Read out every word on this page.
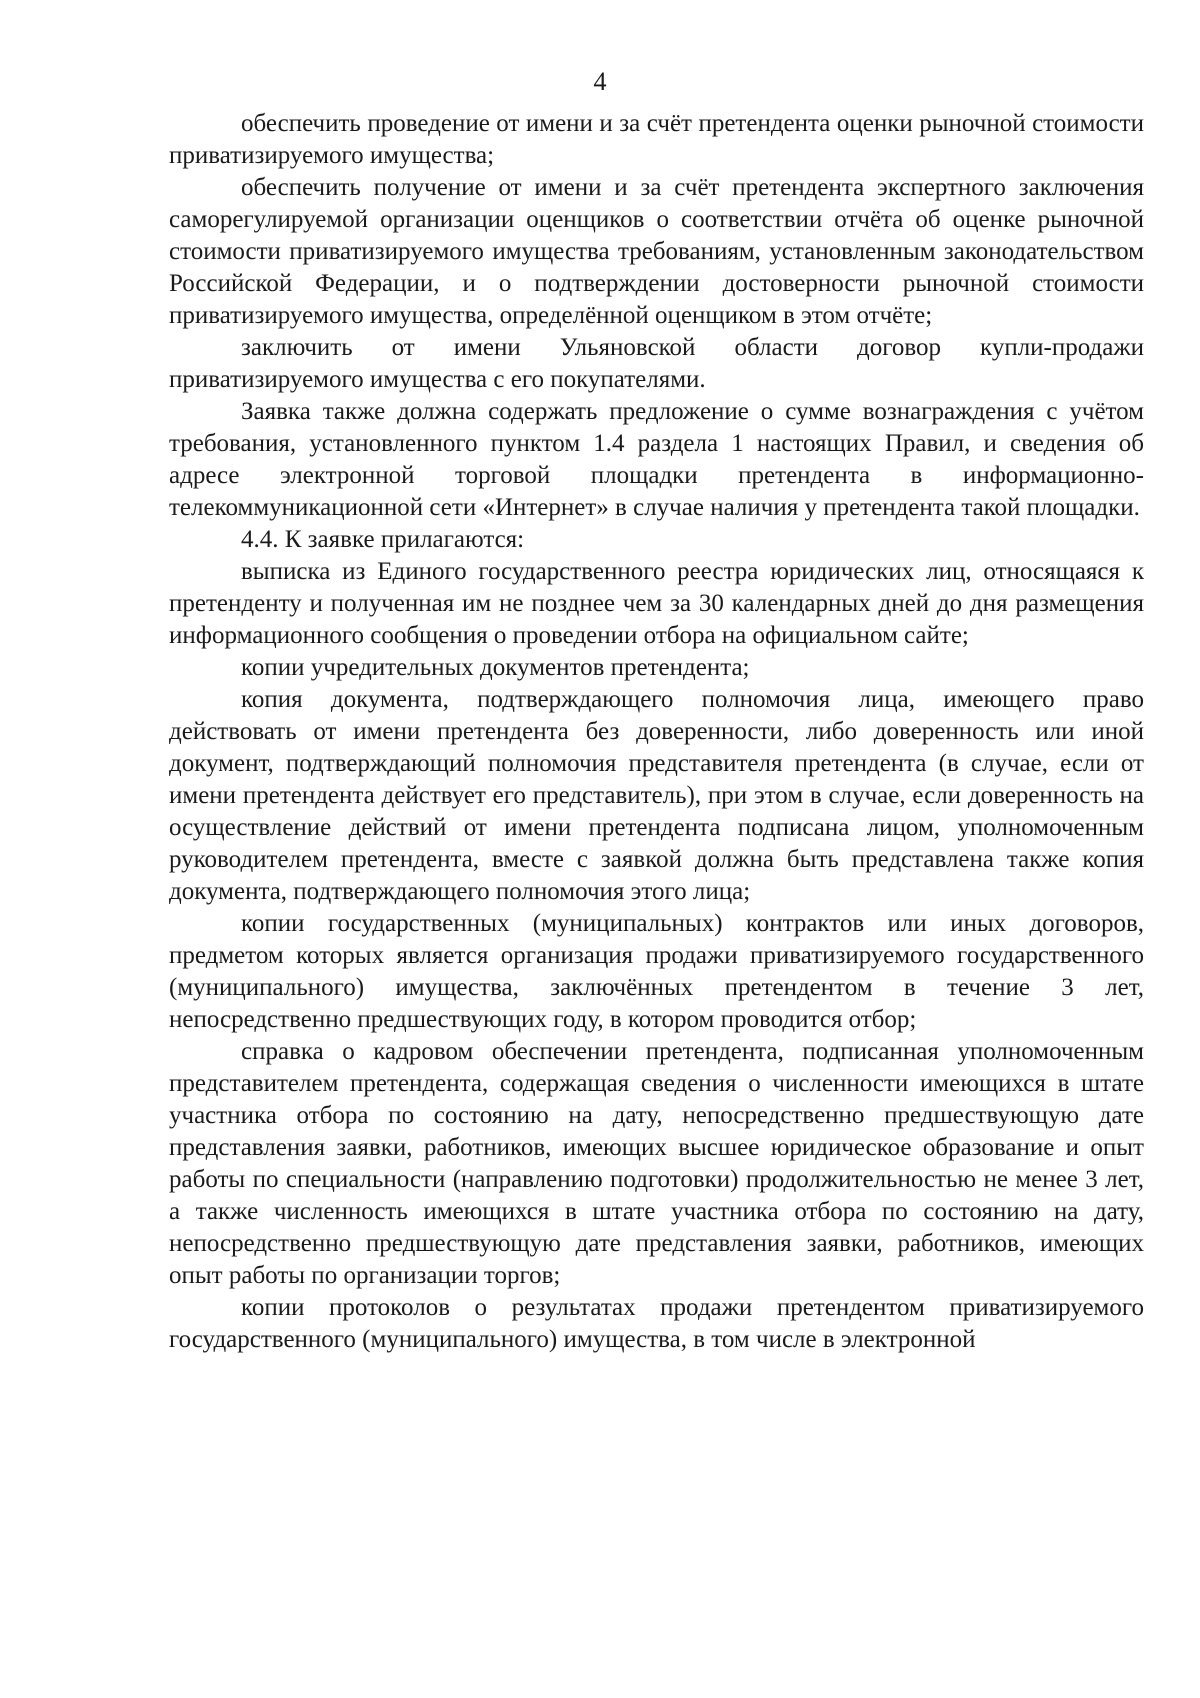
4

обеспечить проведение от имени и за счёт претендента оценки рыночной стоимости приватизируемого имущества;

обеспечить получение от имени и за счёт претендента экспертного заключения саморегулируемой организации оценщиков о соответствии отчёта об оценке рыночной стоимости приватизируемого имущества требованиям, установленным законодательством Российской Федерации, и о подтверждении достоверности рыночной стоимости приватизируемого имущества, определённой оценщиком в этом отчёте;

заключить от имени Ульяновской области договор купли-продажи приватизируемого имущества с его покупателями.

Заявка также должна содержать предложение о сумме вознаграждения с учётом требования, установленного пунктом 1.4 раздела 1 настоящих Правил, и сведения об адресе электронной торговой площадки претендента в информационно-телекоммуникационной сети «Интернет» в случае наличия у претендента такой площадки.

4.4. К заявке прилагаются:

выписка из Единого государственного реестра юридических лиц, относящаяся к претенденту и полученная им не позднее чем за 30 календарных дней до дня размещения информационного сообщения о проведении отбора на официальном сайте;

копии учредительных документов претендента;

копия документа, подтверждающего полномочия лица, имеющего право действовать от имени претендента без доверенности, либо доверенность или иной документ, подтверждающий полномочия представителя претендента (в случае, если от имени претендента действует его представитель), при этом в случае, если доверенность на осуществление действий от имени претендента подписана лицом, уполномоченным руководителем претендента, вместе с заявкой должна быть представлена также копия документа, подтверждающего полномочия этого лица;

копии государственных (муниципальных) контрактов или иных договоров, предметом которых является организация продажи приватизируемого государственного (муниципального) имущества, заключённых претендентом в течение 3 лет, непосредственно предшествующих году, в котором проводится отбор;

справка о кадровом обеспечении претендента, подписанная уполномоченным представителем претендента, содержащая сведения о численности имеющихся в штате участника отбора по состоянию на дату, непосредственно предшествующую дате представления заявки, работников, имеющих высшее юридическое образование и опыт работы по специальности (направлению подготовки) продолжительностью не менее 3 лет, а также численность имеющихся в штате участника отбора по состоянию на дату, непосредственно предшествующую дате представления заявки, работников, имеющих опыт работы по организации торгов;

копии протоколов о результатах продажи претендентом приватизируемого государственного (муниципального) имущества, в том числе в электронной
